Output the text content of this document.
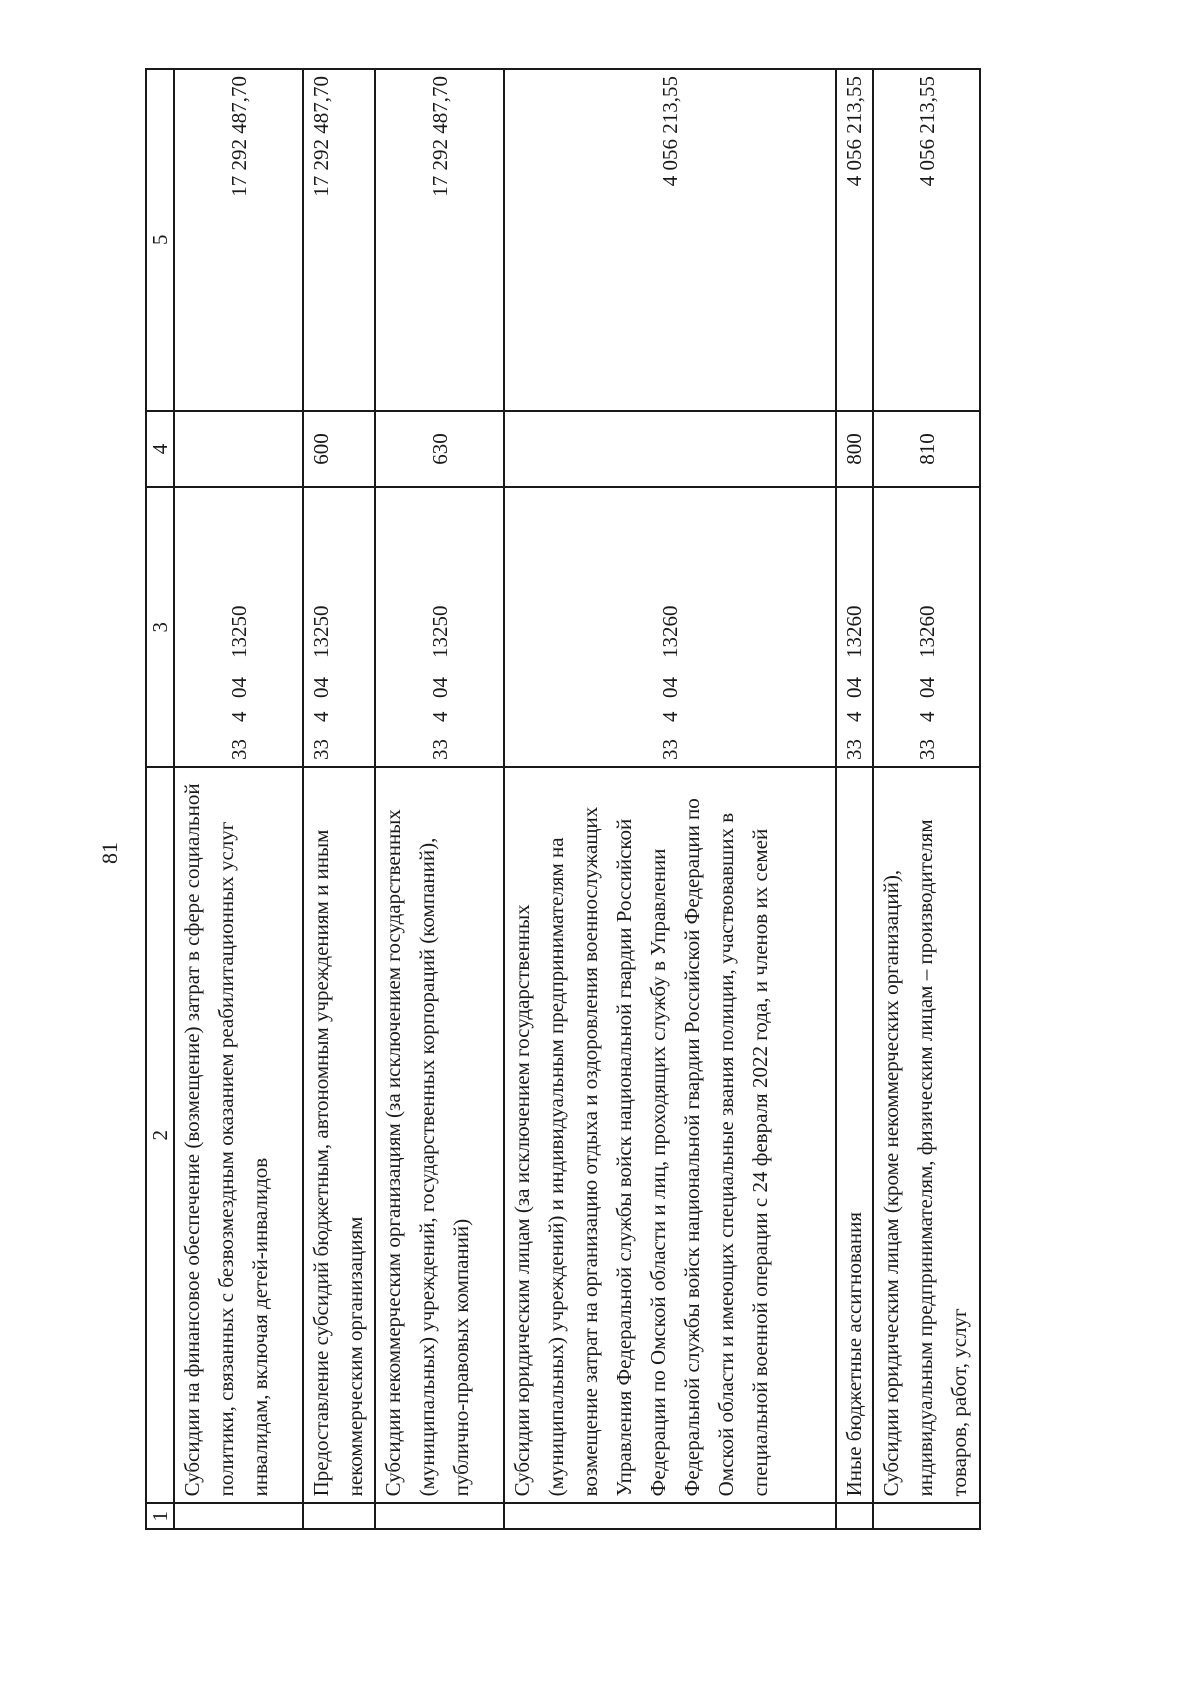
81
1	2	3	4	5
	Субсидии на финансовое обеспечение (возмещение) затрат в сфере социальной политики, связанных с безвозмездным оказанием реабилитационных услуг инвалидам, включая детей-инвалидов	3340413250		17 292 487,70
	Предоставление субсидий бюджетным, автономным учреждениям и иным некоммерческим организациям	3340413250	600	17 292 487,70
	Субсидии некоммерческим организациям (за исключением государственных (муниципальных) учреждений, государственных корпораций (компаний), публично-правовых компаний)	3340413250	630	17 292 487,70
	Субсидии юридическим лицам (за исключением государственных (муниципальных) учреждений) и индивидуальным предпринимателям на возмещение затрат на организацию отдыха и оздоровления военнослужащих Управления Федеральной службы войск национальной гвардии Российской Федерации по Омской области и лиц, проходящих службу в Управлении Федеральной службы войск национальной гвардии Российской Федерации по Омской области и имеющих специальные звания полиции, участвовавших в специальной военной операции с 24 февраля 2022 года, и членов их семей	3340413260		4 056 213,55
	Иные бюджетные ассигнования	3340413260	800	4 056 213,55
	Субсидии юридическим лицам (кроме некоммерческих организаций), индивидуальным предпринимателям, физическим лицам – производителям товаров, работ, услуг	3340413260	810	4 056 213,55
